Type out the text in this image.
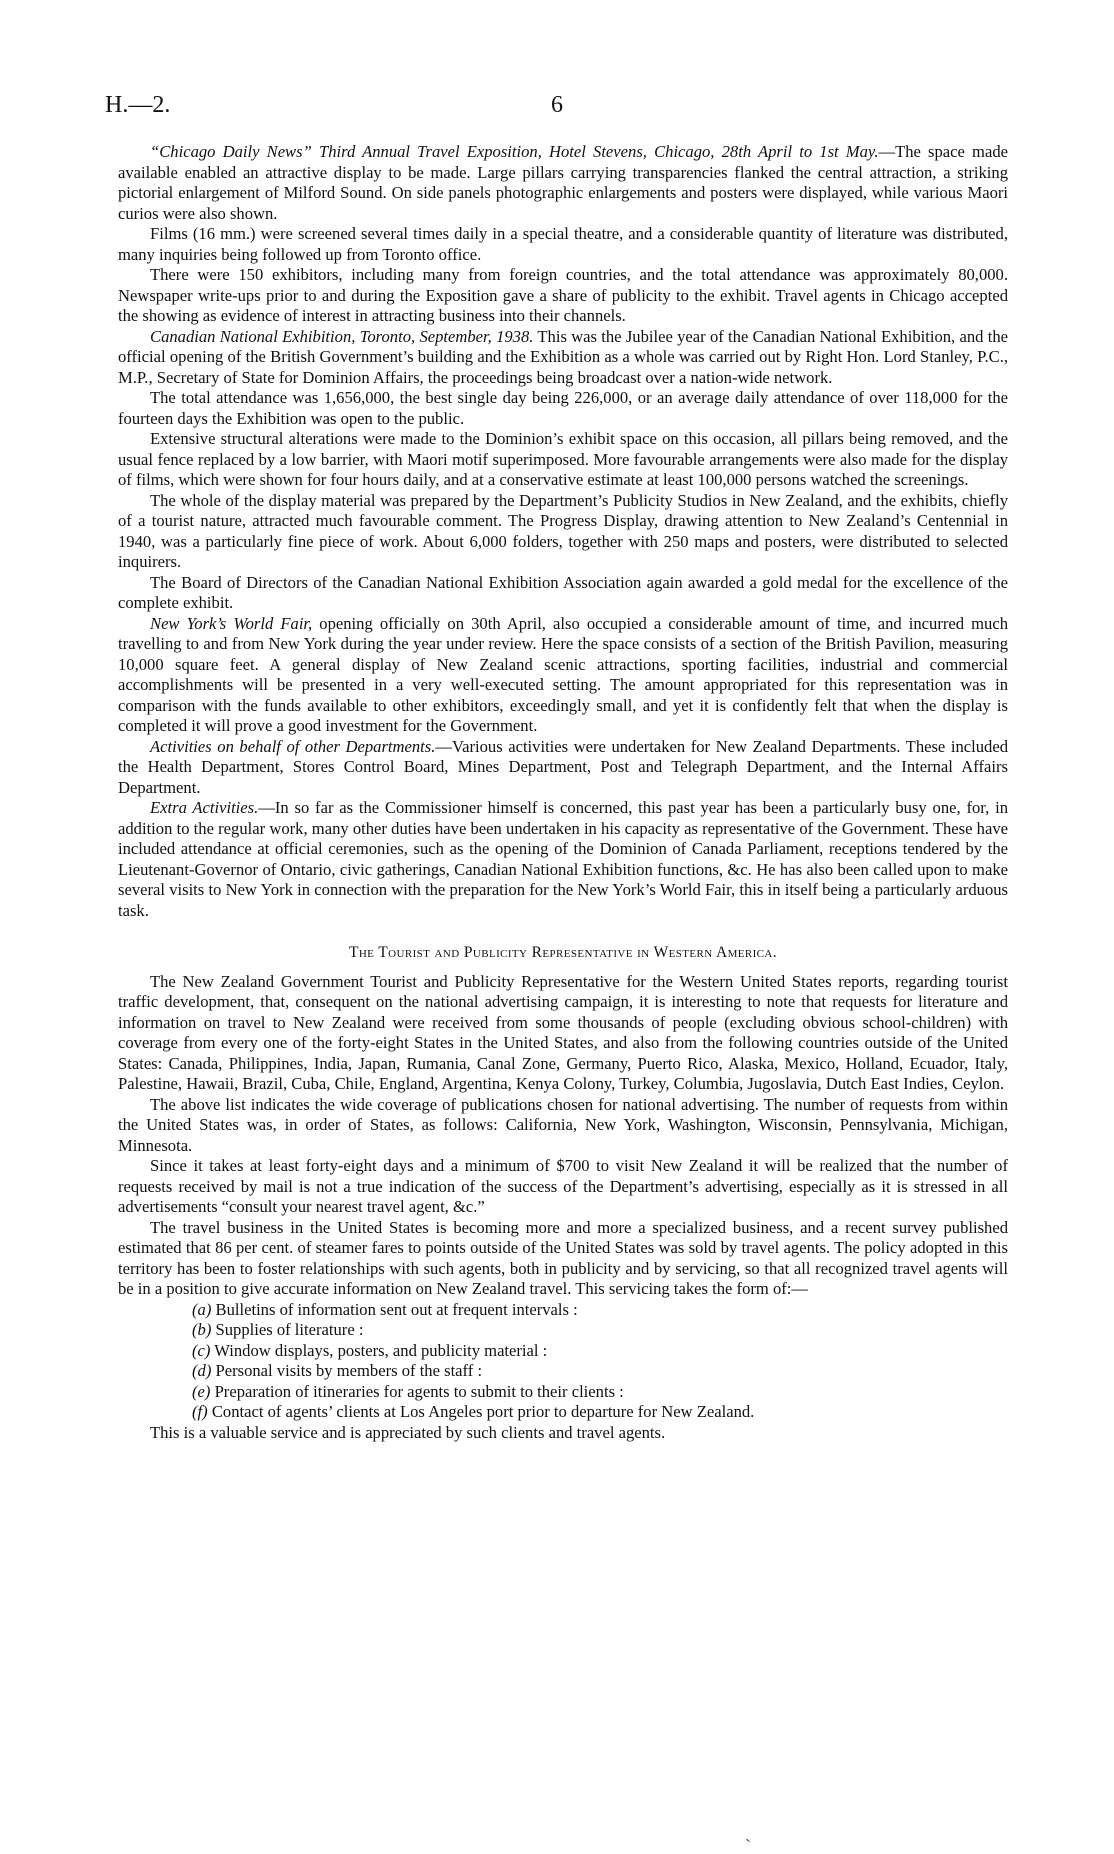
H.—2.	6

“Chicago Daily News” Third Annual Travel Exposition, Hotel Stevens, Chicago, 28th April to 1st May.—The space made available enabled an attractive display to be made. Large pillars carrying transparencies flanked the central attraction, a striking pictorial enlargement of Milford Sound. On side panels photographic enlargements and posters were displayed, while various Maori curios were also shown.

Films (16 mm.) were screened several times daily in a special theatre, and a considerable quantity of literature was distributed, many inquiries being followed up from Toronto office.

There were 150 exhibitors, including many from foreign countries, and the total attendance was approximately 80,000. Newspaper write-ups prior to and during the Exposition gave a share of publicity to the exhibit. Travel agents in Chicago accepted the showing as evidence of interest in attracting business into their channels.

Canadian National Exhibition, Toronto, September, 1938. This was the Jubilee year of the Canadian National Exhibition, and the official opening of the British Government’s building and the Exhibition as a whole was carried out by Right Hon. Lord Stanley, P.C., M.P., Secretary of State for Dominion Affairs, the proceedings being broadcast over a nation-wide network.

The total attendance was 1,656,000, the best single day being 226,000, or an average daily attendance of over 118,000 for the fourteen days the Exhibition was open to the public.

Extensive structural alterations were made to the Dominion’s exhibit space on this occasion, all pillars being removed, and the usual fence replaced by a low barrier, with Maori motif superimposed. More favourable arrangements were also made for the display of films, which were shown for four hours daily, and at a conservative estimate at least 100,000 persons watched the screenings.

The whole of the display material was prepared by the Department’s Publicity Studios in New Zealand, and the exhibits, chiefly of a tourist nature, attracted much favourable comment. The Progress Display, drawing attention to New Zealand’s Centennial in 1940, was a particularly fine piece of work. About 6,000 folders, together with 250 maps and posters, were distributed to selected inquirers.

The Board of Directors of the Canadian National Exhibition Association again awarded a gold medal for the excellence of the complete exhibit.

New York’s World Fair, opening officially on 30th April, also occupied a considerable amount of time, and incurred much travelling to and from New York during the year under review. Here the space consists of a section of the British Pavilion, measuring 10,000 square feet. A general display of New Zealand scenic attractions, sporting facilities, industrial and commercial accomplishments will be presented in a very well-executed setting. The amount appropriated for this representation was in comparison with the funds available to other exhibitors, exceedingly small, and yet it is confidently felt that when the display is completed it will prove a good investment for the Government.

Activities on behalf of other Departments.—Various activities were undertaken for New Zealand Departments. These included the Health Department, Stores Control Board, Mines Department, Post and Telegraph Department, and the Internal Affairs Department.

Extra Activities.—In so far as the Commissioner himself is concerned, this past year has been a particularly busy one, for, in addition to the regular work, many other duties have been undertaken in his capacity as representative of the Government. These have included attendance at official ceremonies, such as the opening of the Dominion of Canada Parliament, receptions tendered by the Lieutenant-Governor of Ontario, civic gatherings, Canadian National Exhibition functions, &c. He has also been called upon to make several visits to New York in connection with the preparation for the New York’s World Fair, this in itself being a particularly arduous task.

The Tourist and Publicity Representative in Western America.

The New Zealand Government Tourist and Publicity Representative for the Western United States reports, regarding tourist traffic development, that, consequent on the national advertising campaign, it is interesting to note that requests for literature and information on travel to New Zealand were received from some thousands of people (excluding obvious school-children) with coverage from every one of the forty-eight States in the United States, and also from the following countries outside of the United States: Canada, Philippines, India, Japan, Rumania, Canal Zone, Germany, Puerto Rico, Alaska, Mexico, Holland, Ecuador, Italy, Palestine, Hawaii, Brazil, Cuba, Chile, England, Argentina, Kenya Colony, Turkey, Columbia, Jugoslavia, Dutch East Indies, Ceylon.

The above list indicates the wide coverage of publications chosen for national advertising. The number of requests from within the United States was, in order of States, as follows: California, New York, Washington, Wisconsin, Pennsylvania, Michigan, Minnesota.

Since it takes at least forty-eight days and a minimum of $700 to visit New Zealand it will be realized that the number of requests received by mail is not a true indication of the success of the Department’s advertising, especially as it is stressed in all advertisements “consult your nearest travel agent, &c.”

The travel business in the United States is becoming more and more a specialized business, and a recent survey published estimated that 86 per cent. of steamer fares to points outside of the United States was sold by travel agents. The policy adopted in this territory has been to foster relationships with such agents, both in publicity and by servicing, so that all recognized travel agents will be in a position to give accurate information on New Zealand travel. This servicing takes the form of:—

(a) Bulletins of information sent out at frequent intervals :
(b) Supplies of literature :
(c) Window displays, posters, and publicity material :
(d) Personal visits by members of the staff :
(e) Preparation of itineraries for agents to submit to their clients :
(f) Contact of agents’ clients at Los Angeles port prior to departure for New Zealand.

This is a valuable service and is appreciated by such clients and travel agents.

ˎ
